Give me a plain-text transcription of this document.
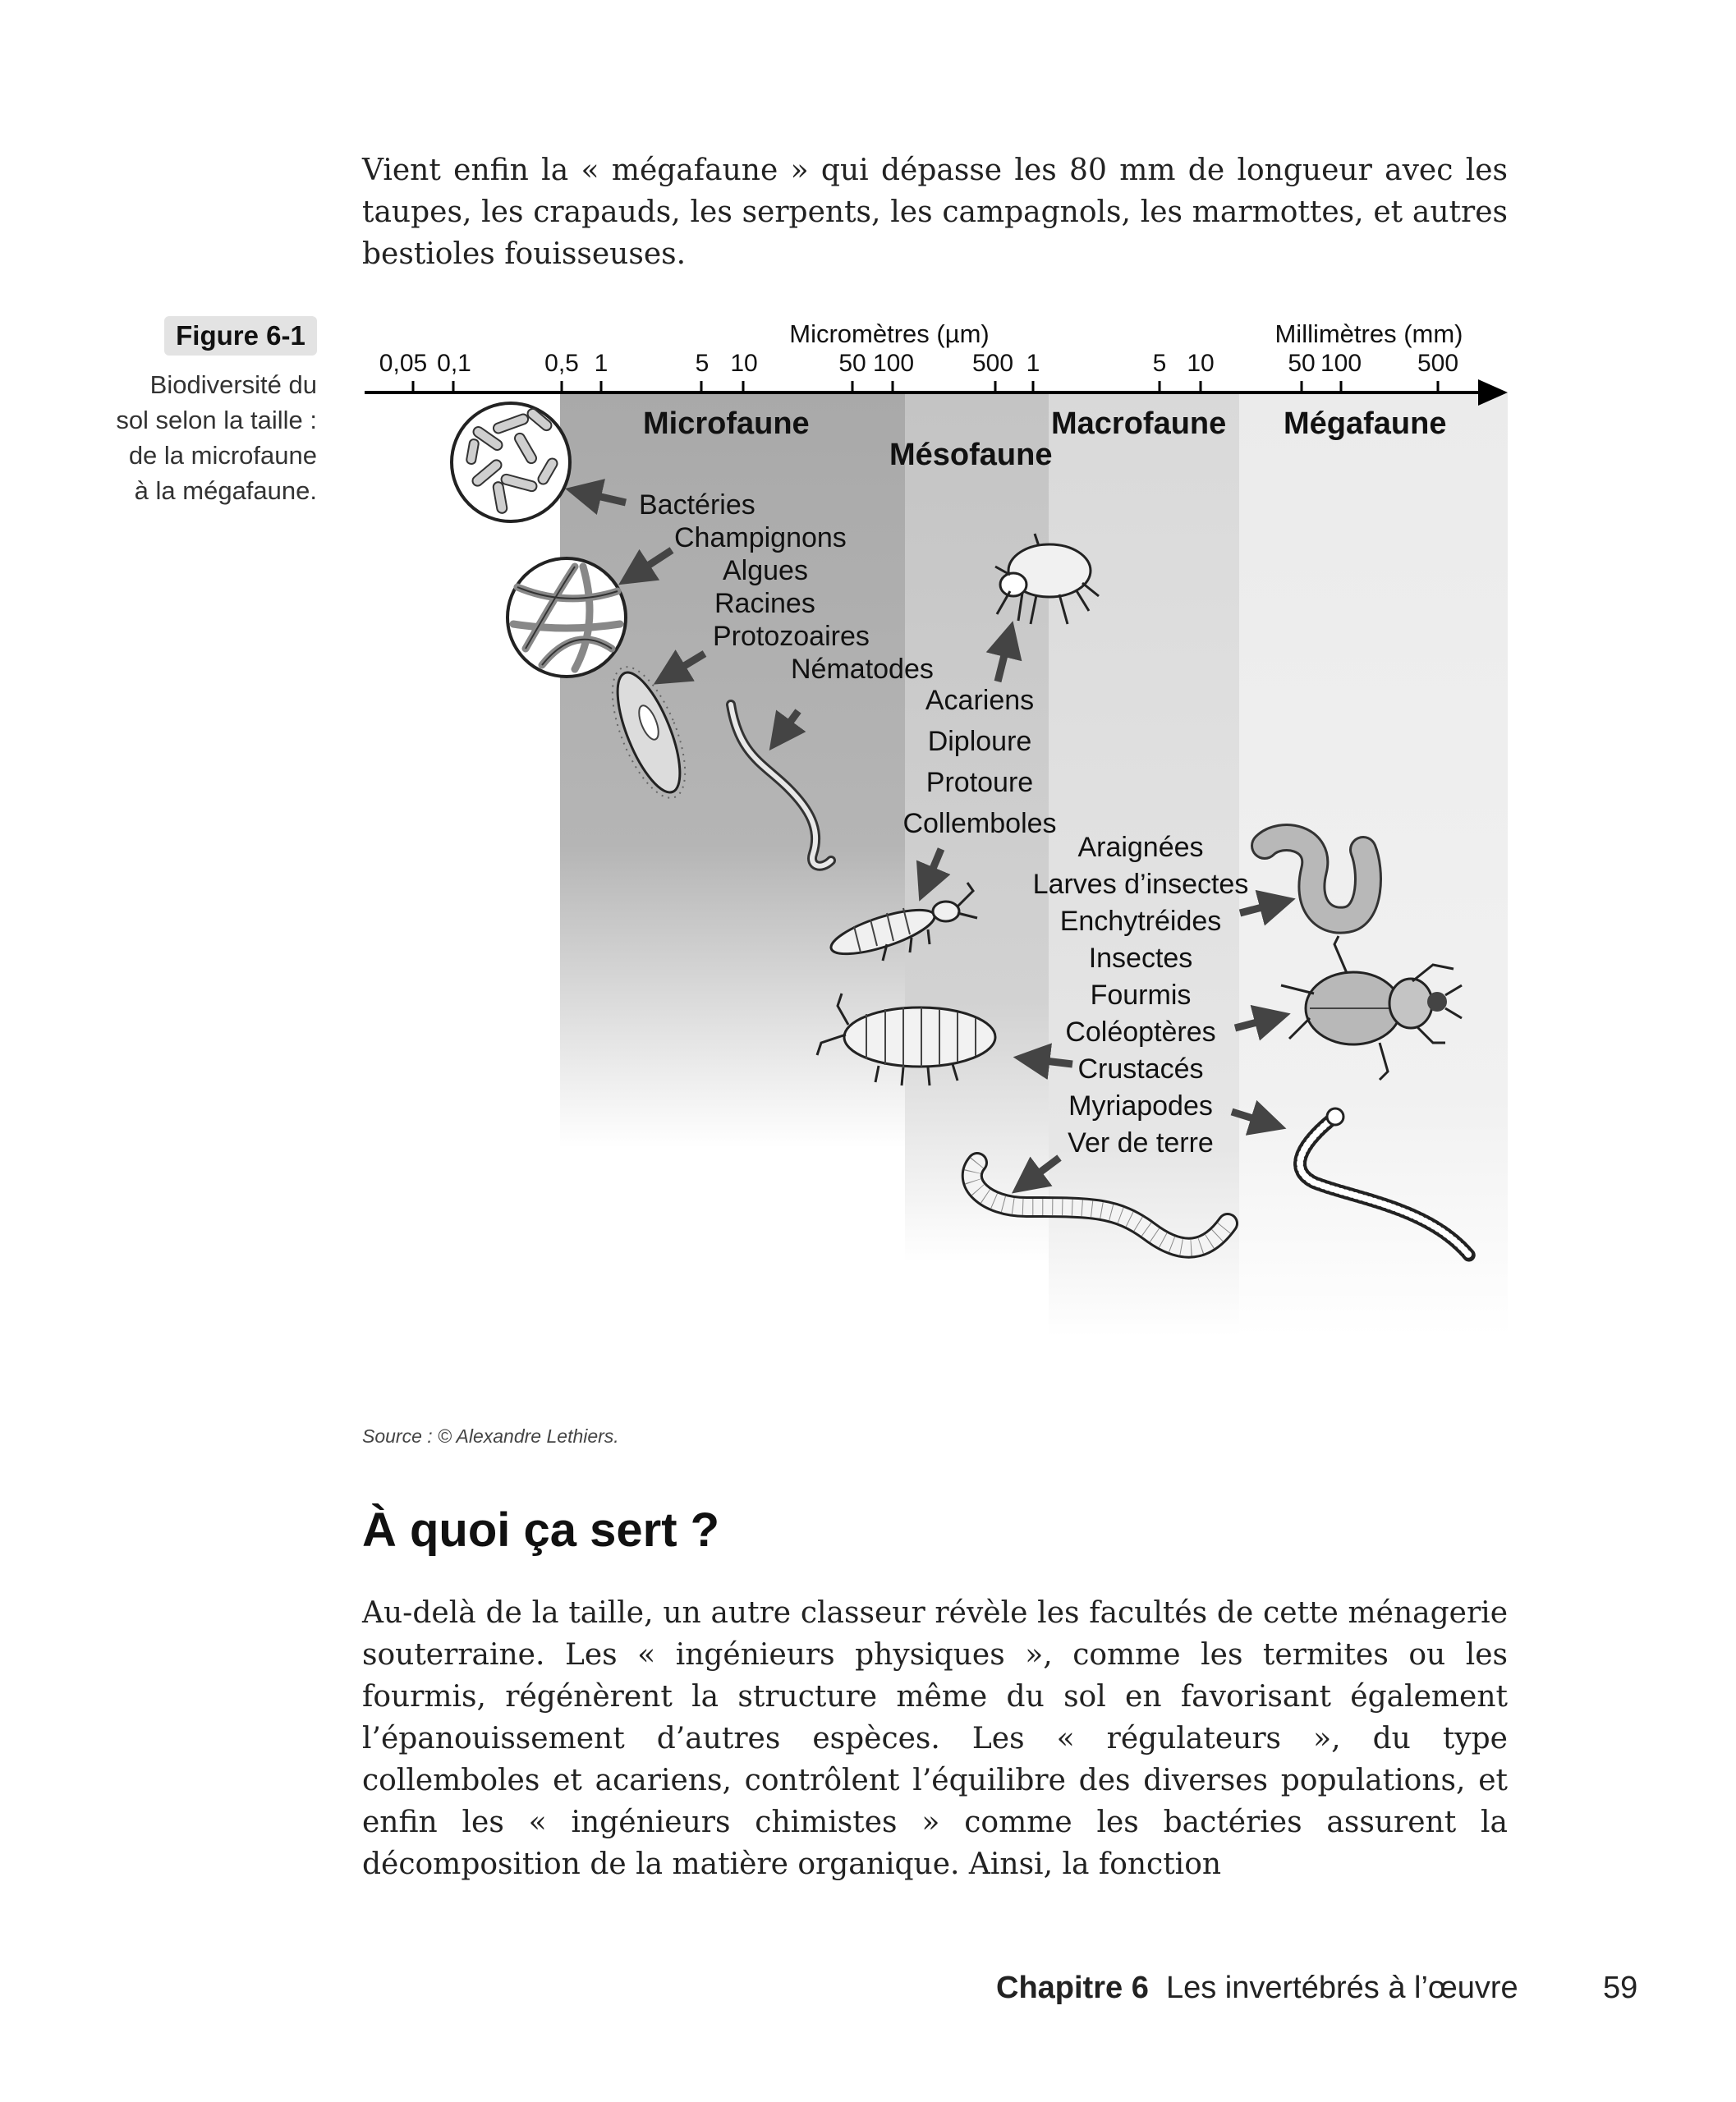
Vient enfin la « mégafaune » qui dépasse les 80 mm de longueur avec les taupes, les crapauds, les serpents, les campagnols, les marmottes, et autres bestioles fouisseuses.

Figure 6-1

Biodiversité du
sol selon la taille :
de la microfaune
à la mégafaune.

Micromètres (µm)	Millimètres (mm)
0,05 0,1	0,5 1	5 10	50 100 500 1	5 10	50 100 500
Microfaune
Mésofaune
Macrofaune Mégafaune
Bactéries
Champignons
Algues
Racines
Protozoaires
Nématodes
Acariens
Diploure
Protoure
Collemboles
Araignées
Larves d’insectes
Enchytréides
Insectes
Fourmis
Coléoptères
Crustacés
Myriapodes
Ver de terre

Source : © Alexandre Lethiers.

À quoi ça sert ?

Au-delà de la taille, un autre classeur révèle les facultés de cette ménagerie souterraine. Les « ingénieurs physiques », comme les termites ou les fourmis, régénèrent la structure même du sol en favorisant également l’épanouissement d’autres espèces. Les « régulateurs », du type collemboles et acariens, contrôlent l’équilibre des diverses populations, et enfin les « ingénieurs chimistes » comme les bactéries assurent la décomposition de la matière organique. Ainsi, la fonction

Chapitre 6 Les invertébrés à l’œuvre	59
